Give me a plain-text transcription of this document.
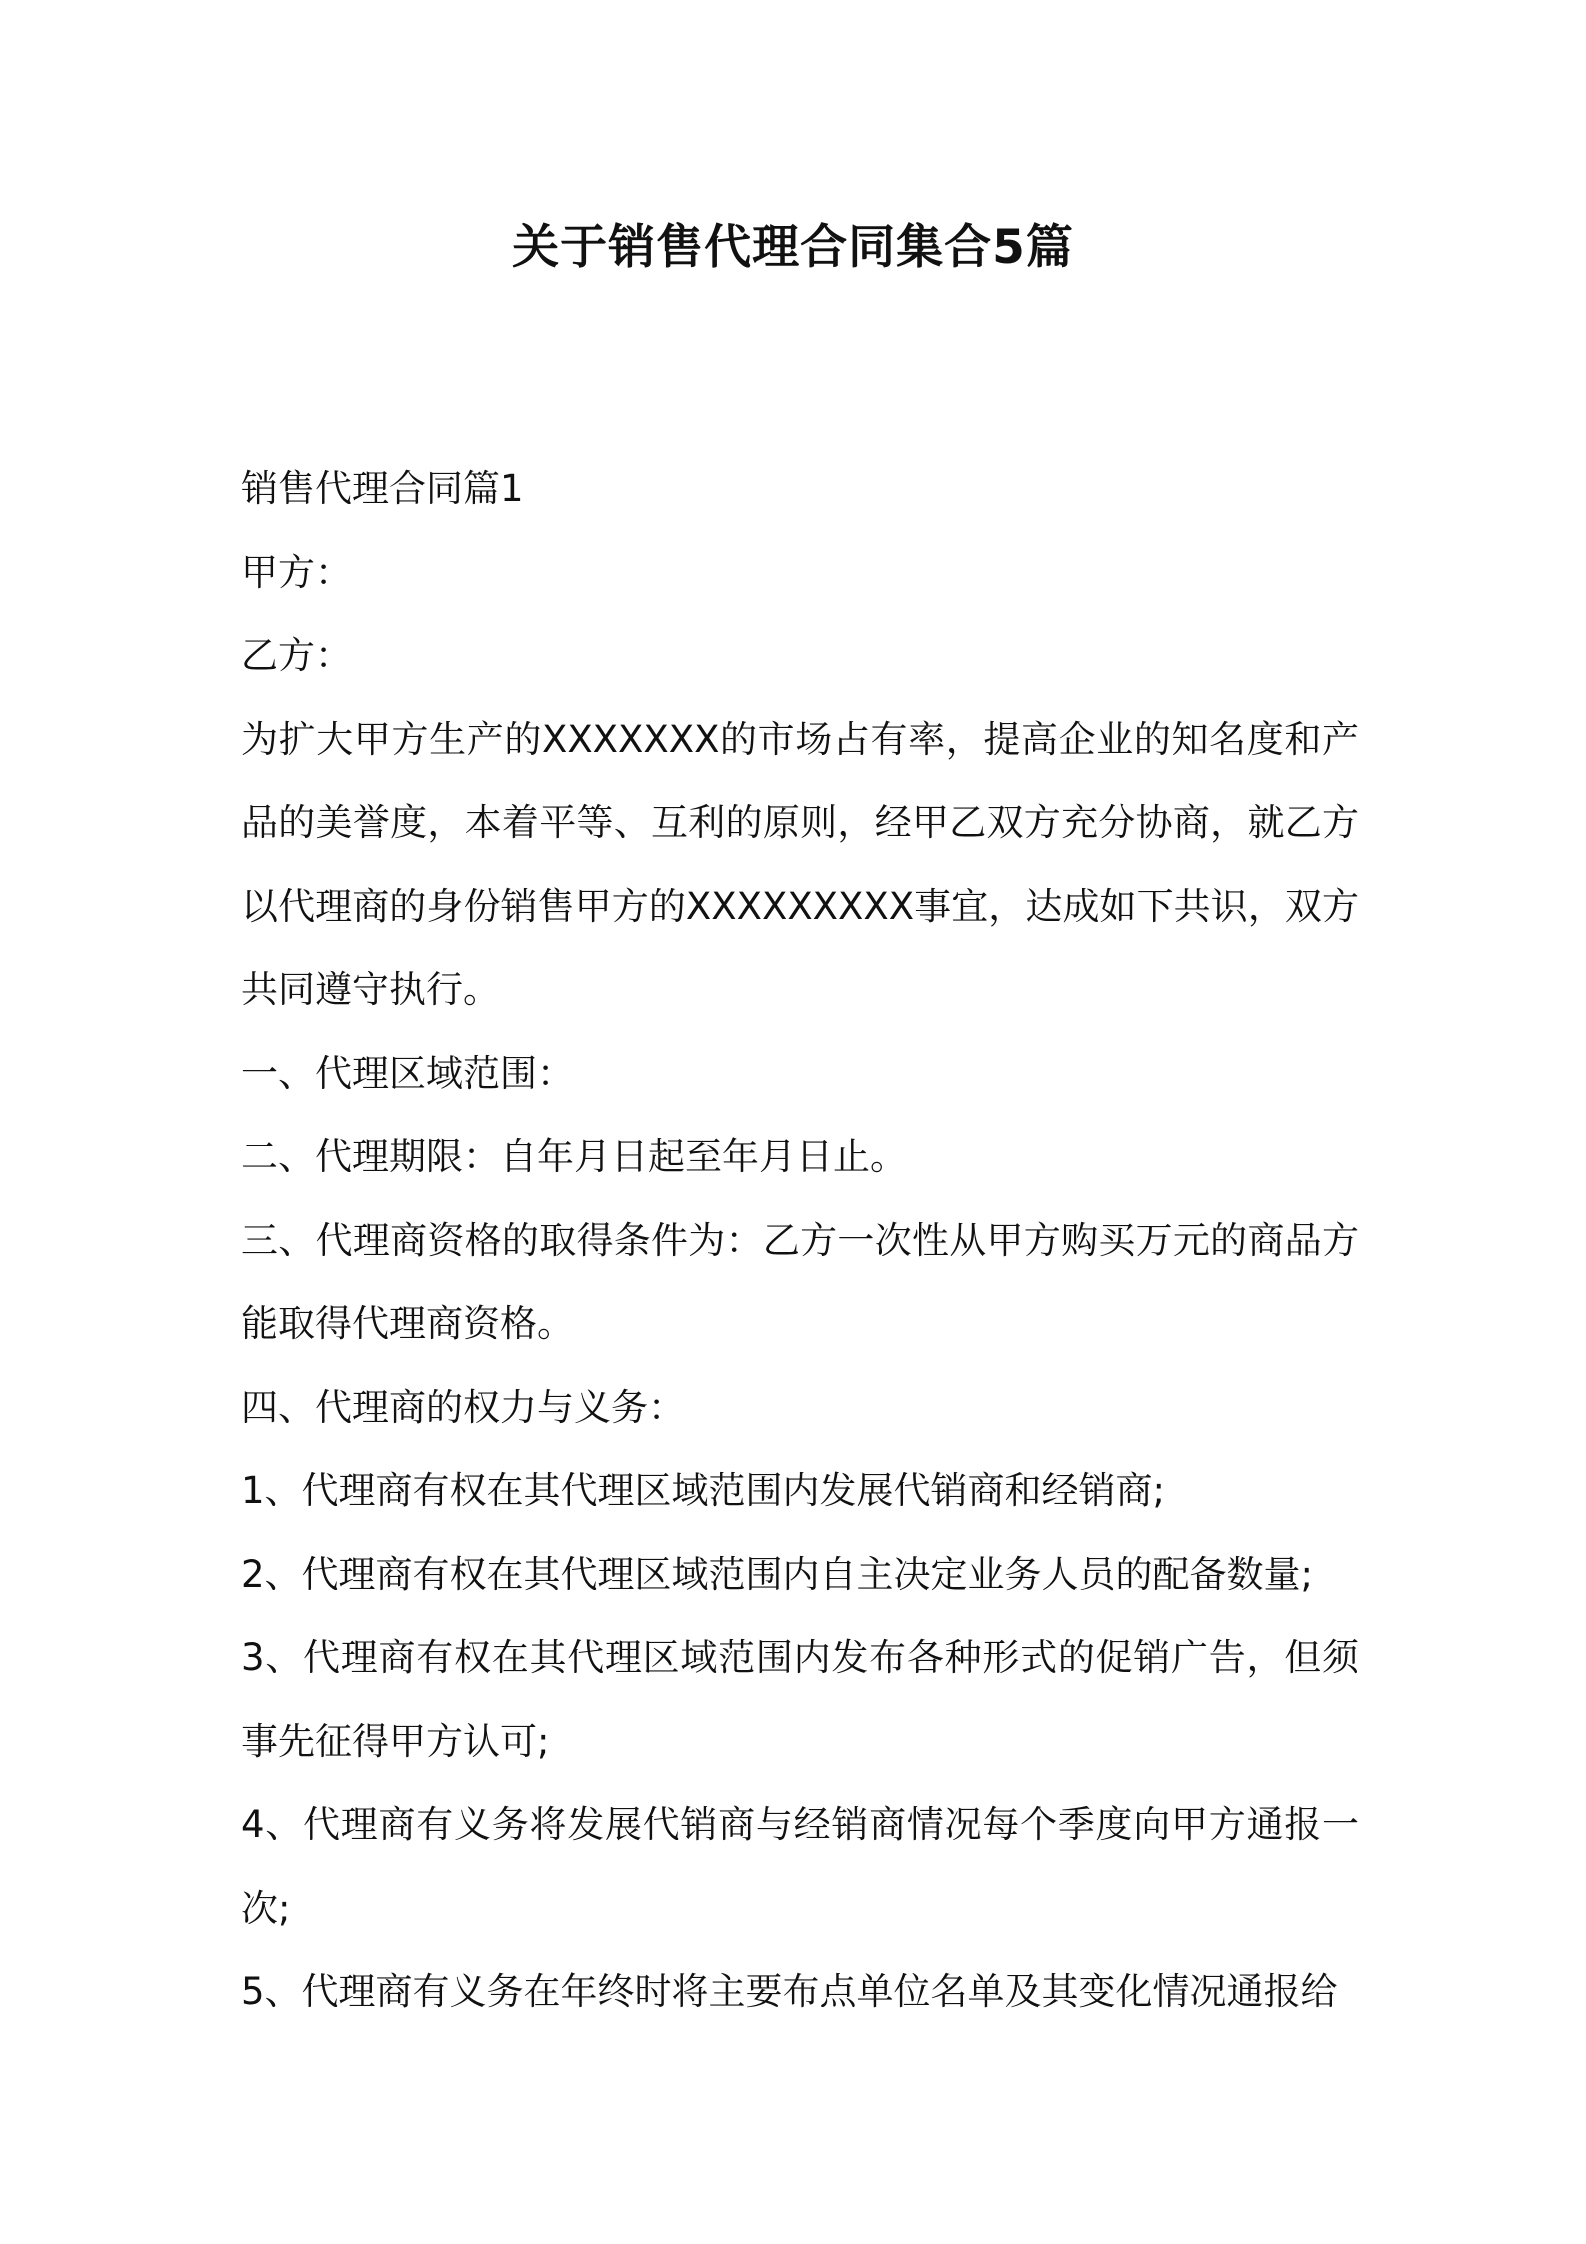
关于销售代理合同集合5篇

销售代理合同篇1

甲方：

乙方：

为扩大甲方生产的XXXXXXX的市场占有率，提高企业的知名度和产品的美誉度，本着平等、互利的原则，经甲乙双方充分协商，就乙方以代理商的身份销售甲方的XXXXXXXXX事宜，达成如下共识，双方共同遵守执行。

一、代理区域范围：

二、代理期限：自年月日起至年月日止。

三、代理商资格的取得条件为：乙方一次性从甲方购买万元的商品方能取得代理商资格。

四、代理商的权力与义务：

1、代理商有权在其代理区域范围内发展代销商和经销商;

2、代理商有权在其代理区域范围内自主决定业务人员的配备数量;

3、代理商有权在其代理区域范围内发布各种形式的促销广告，但须事先征得甲方认可;

4、代理商有义务将发展代销商与经销商情况每个季度向甲方通报一次;

5、代理商有义务在年终时将主要布点单位名单及其变化情况通报给
